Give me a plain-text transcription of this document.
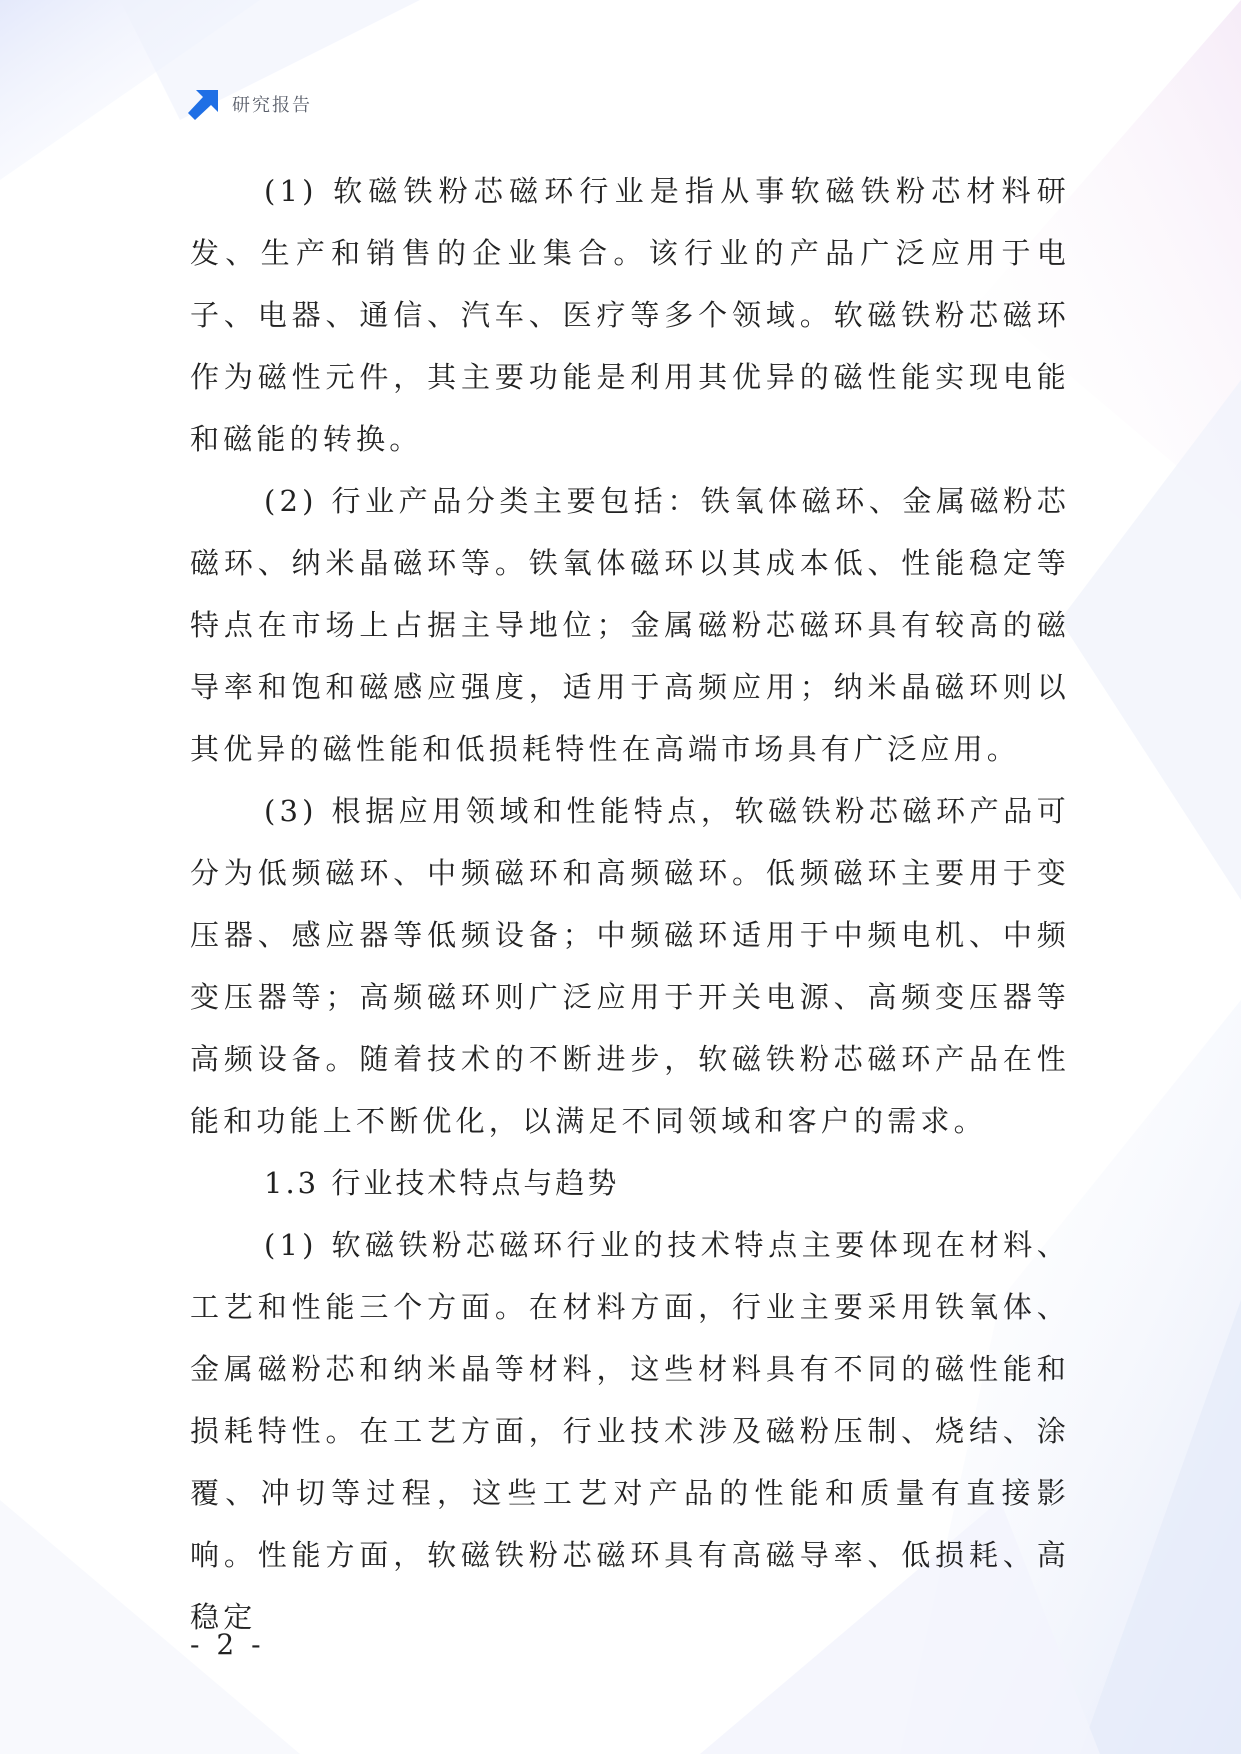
研究报告

(1) 软磁铁粉芯磁环行业是指从事软磁铁粉芯材料研发、生产和销售的企业集合。该行业的产品广泛应用于电子、电器、通信、汽车、医疗等多个领域。软磁铁粉芯磁环作为磁性元件，其主要功能是利用其优异的磁性能实现电能和磁能的转换。

(2) 行业产品分类主要包括：铁氧体磁环、金属磁粉芯磁环、纳米晶磁环等。铁氧体磁环以其成本低、性能稳定等特点在市场上占据主导地位；金属磁粉芯磁环具有较高的磁导率和饱和磁感应强度，适用于高频应用；纳米晶磁环则以其优异的磁性能和低损耗特性在高端市场具有广泛应用。

(3) 根据应用领域和性能特点，软磁铁粉芯磁环产品可分为低频磁环、中频磁环和高频磁环。低频磁环主要用于变压器、感应器等低频设备；中频磁环适用于中频电机、中频变压器等；高频磁环则广泛应用于开关电源、高频变压器等高频设备。随着技术的不断进步，软磁铁粉芯磁环产品在性能和功能上不断优化，以满足不同领域和客户的需求。

1.3 行业技术特点与趋势

(1) 软磁铁粉芯磁环行业的技术特点主要体现在材料、工艺和性能三个方面。在材料方面，行业主要采用铁氧体、金属磁粉芯和纳米晶等材料，这些材料具有不同的磁性能和损耗特性。在工艺方面，行业技术涉及磁粉压制、烧结、涂覆、冲切等过程，这些工艺对产品的性能和质量有直接影响。性能方面，软磁铁粉芯磁环具有高磁导率、低损耗、高稳定

- 2 -
